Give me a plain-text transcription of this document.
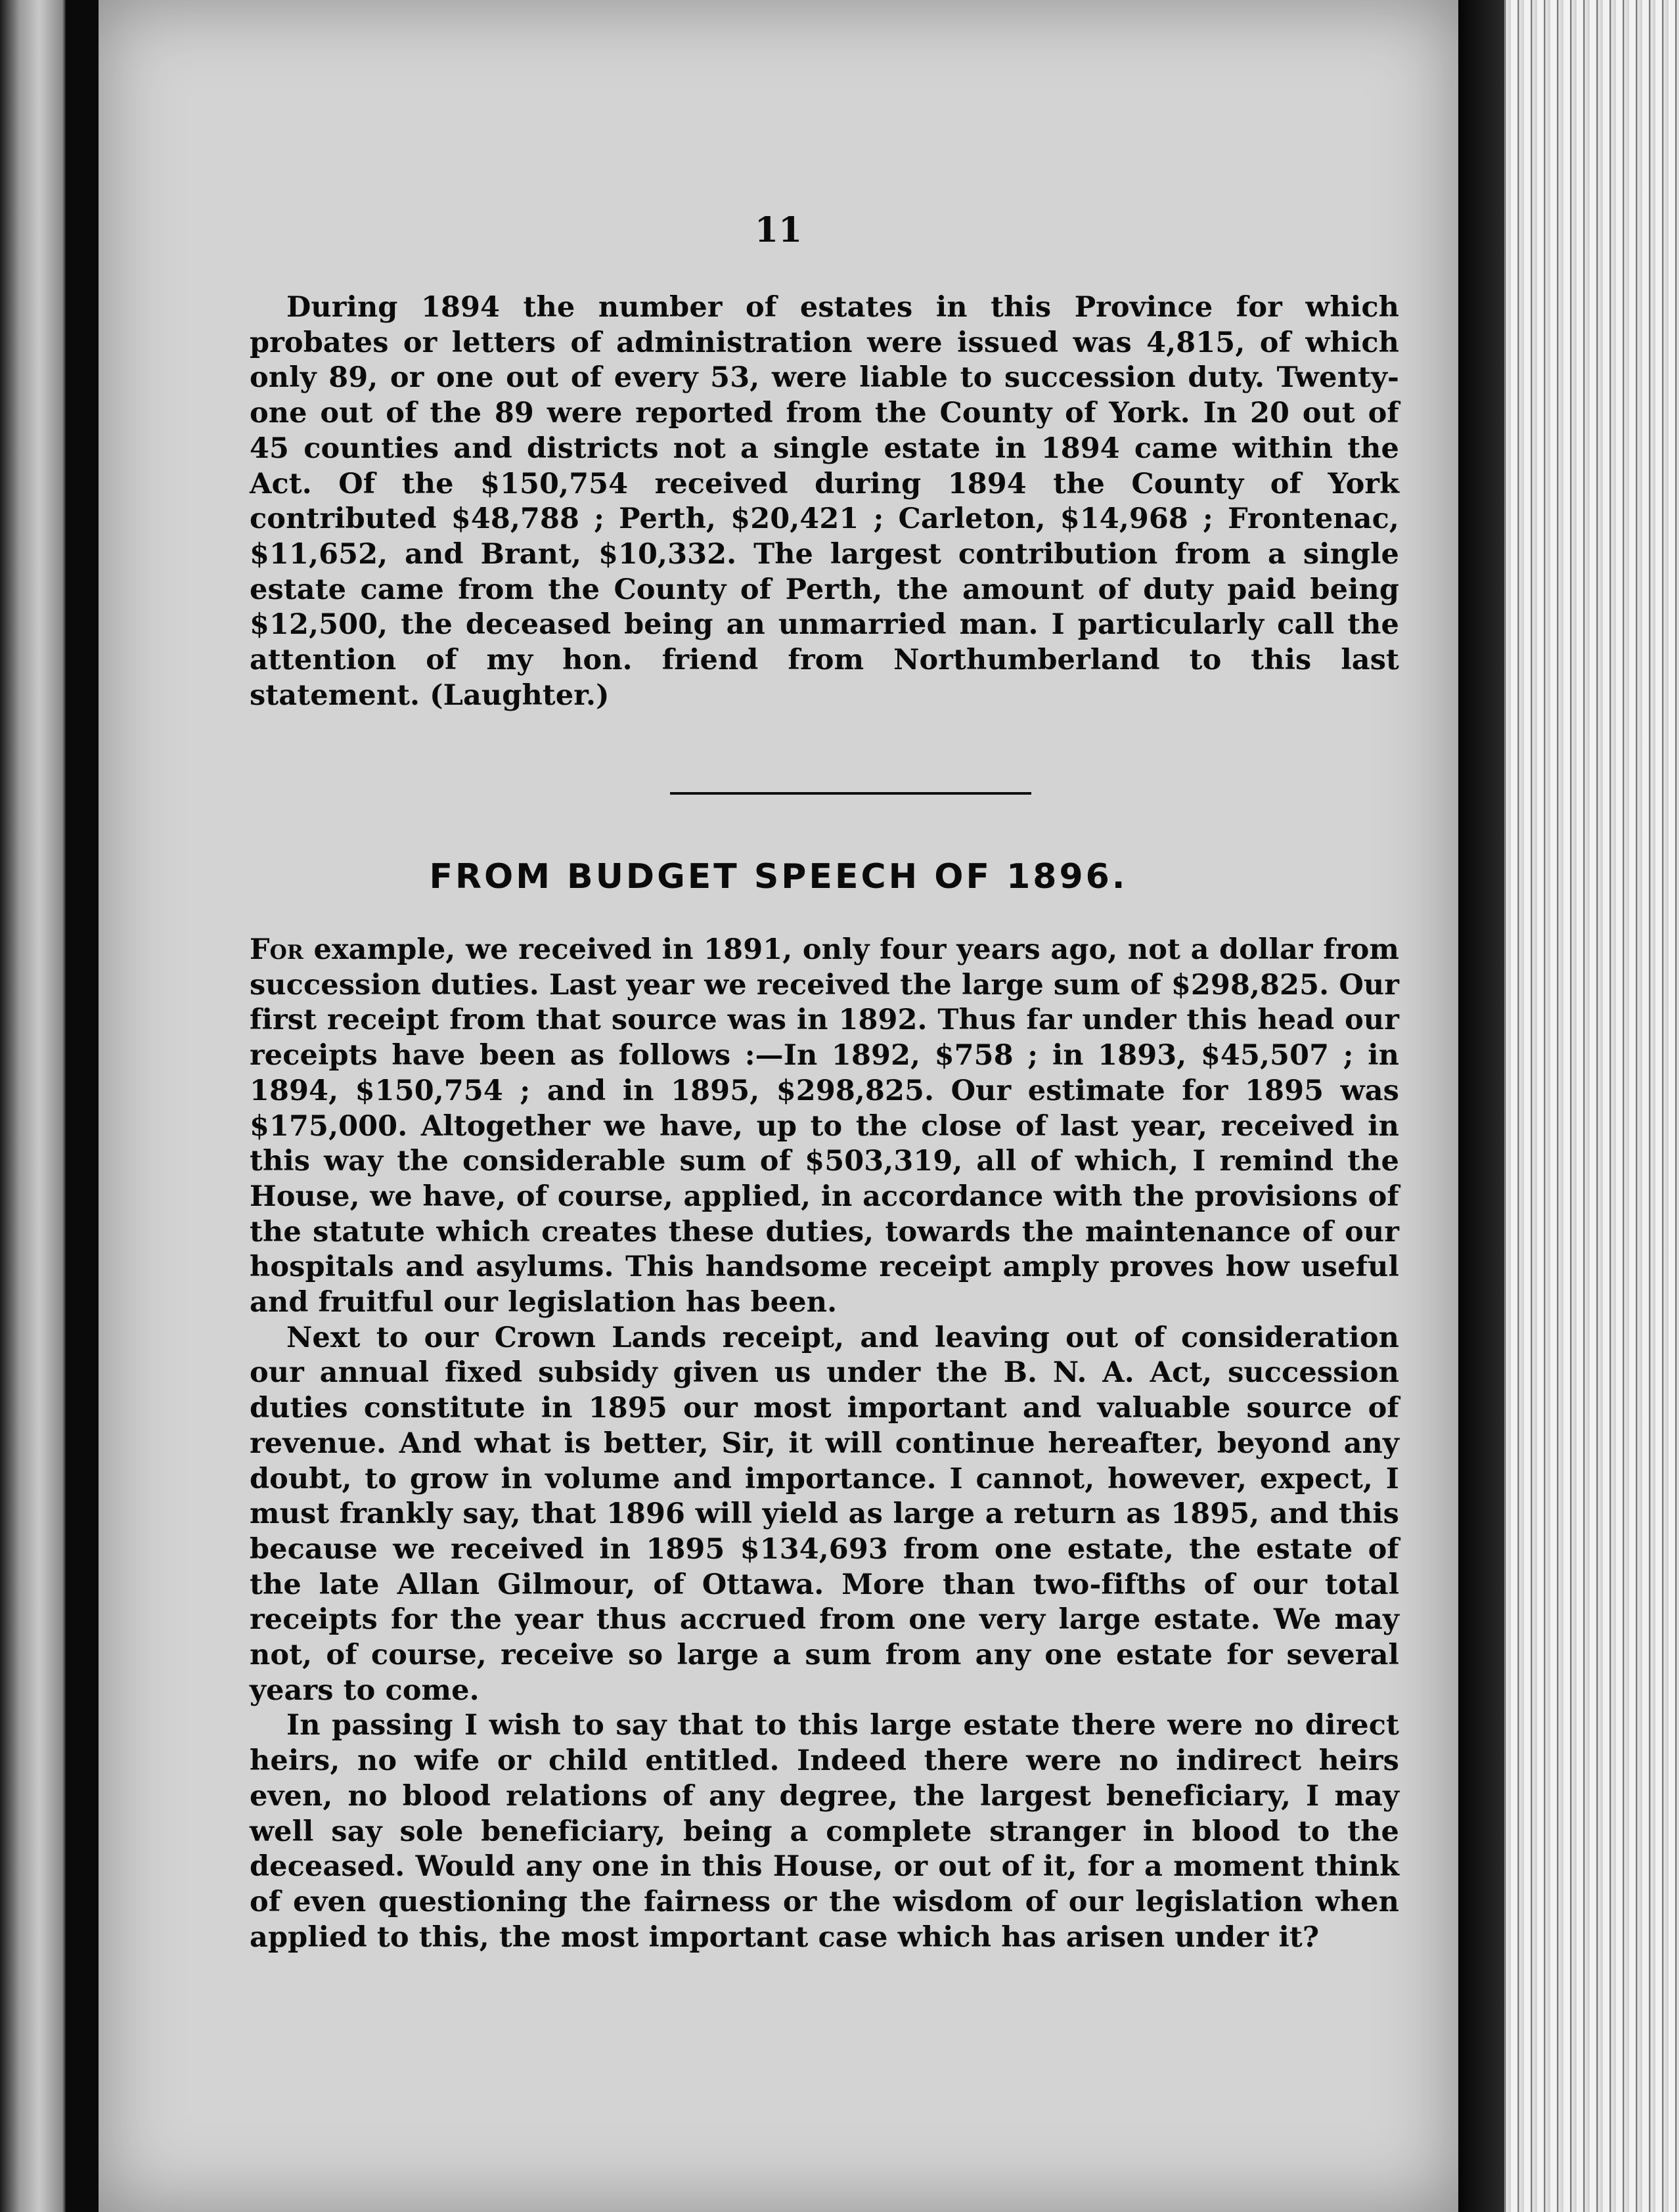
11

During 1894 the number of estates in this Province for which probates or letters of administration were issued was 4,815, of which only 89, or one out of every 53, were liable to succession duty. Twenty-one out of the 89 were reported from the County of York. In 20 out of 45 counties and districts not a single estate in 1894 came within the Act. Of the $150,754 received during 1894 the County of York contributed $48,788 ; Perth, $20,421 ; Carleton, $14,968 ; Frontenac, $11,652, and Brant, $10,332. The largest contribution from a single estate came from the County of Perth, the amount of duty paid being $12,500, the deceased being an unmarried man. I particularly call the attention of my hon. friend from Northumberland to this last statement. (Laughter.)

FROM BUDGET SPEECH OF 1896.

For example, we received in 1891, only four years ago, not a dollar from succession duties. Last year we received the large sum of $298,825. Our first receipt from that source was in 1892. Thus far under this head our receipts have been as follows :—In 1892, $758 ; in 1893, $45,507 ; in 1894, $150,754 ; and in 1895, $298,825. Our estimate for 1895 was $175,000. Altogether we have, up to the close of last year, received in this way the considerable sum of $503,319, all of which, I remind the House, we have, of course, applied, in accordance with the provisions of the statute which creates these duties, towards the maintenance of our hospitals and asylums. This handsome receipt amply proves how useful and fruitful our legislation has been.

Next to our Crown Lands receipt, and leaving out of consideration our annual fixed subsidy given us under the B. N. A. Act, succession duties constitute in 1895 our most important and valuable source of revenue. And what is better, Sir, it will continue hereafter, beyond any doubt, to grow in volume and importance. I cannot, however, expect, I must frankly say, that 1896 will yield as large a return as 1895, and this because we received in 1895 $134,693 from one estate, the estate of the late Allan Gilmour, of Ottawa. More than two-fifths of our total receipts for the year thus accrued from one very large estate. We may not, of course, receive so large a sum from any one estate for several years to come.

In passing I wish to say that to this large estate there were no direct heirs, no wife or child entitled. Indeed there were no indirect heirs even, no blood relations of any degree, the largest beneficiary, I may well say sole beneficiary, being a complete stranger in blood to the deceased. Would any one in this House, or out of it, for a moment think of even questioning the fairness or the wisdom of our legislation when applied to this, the most important case which has arisen under it?
